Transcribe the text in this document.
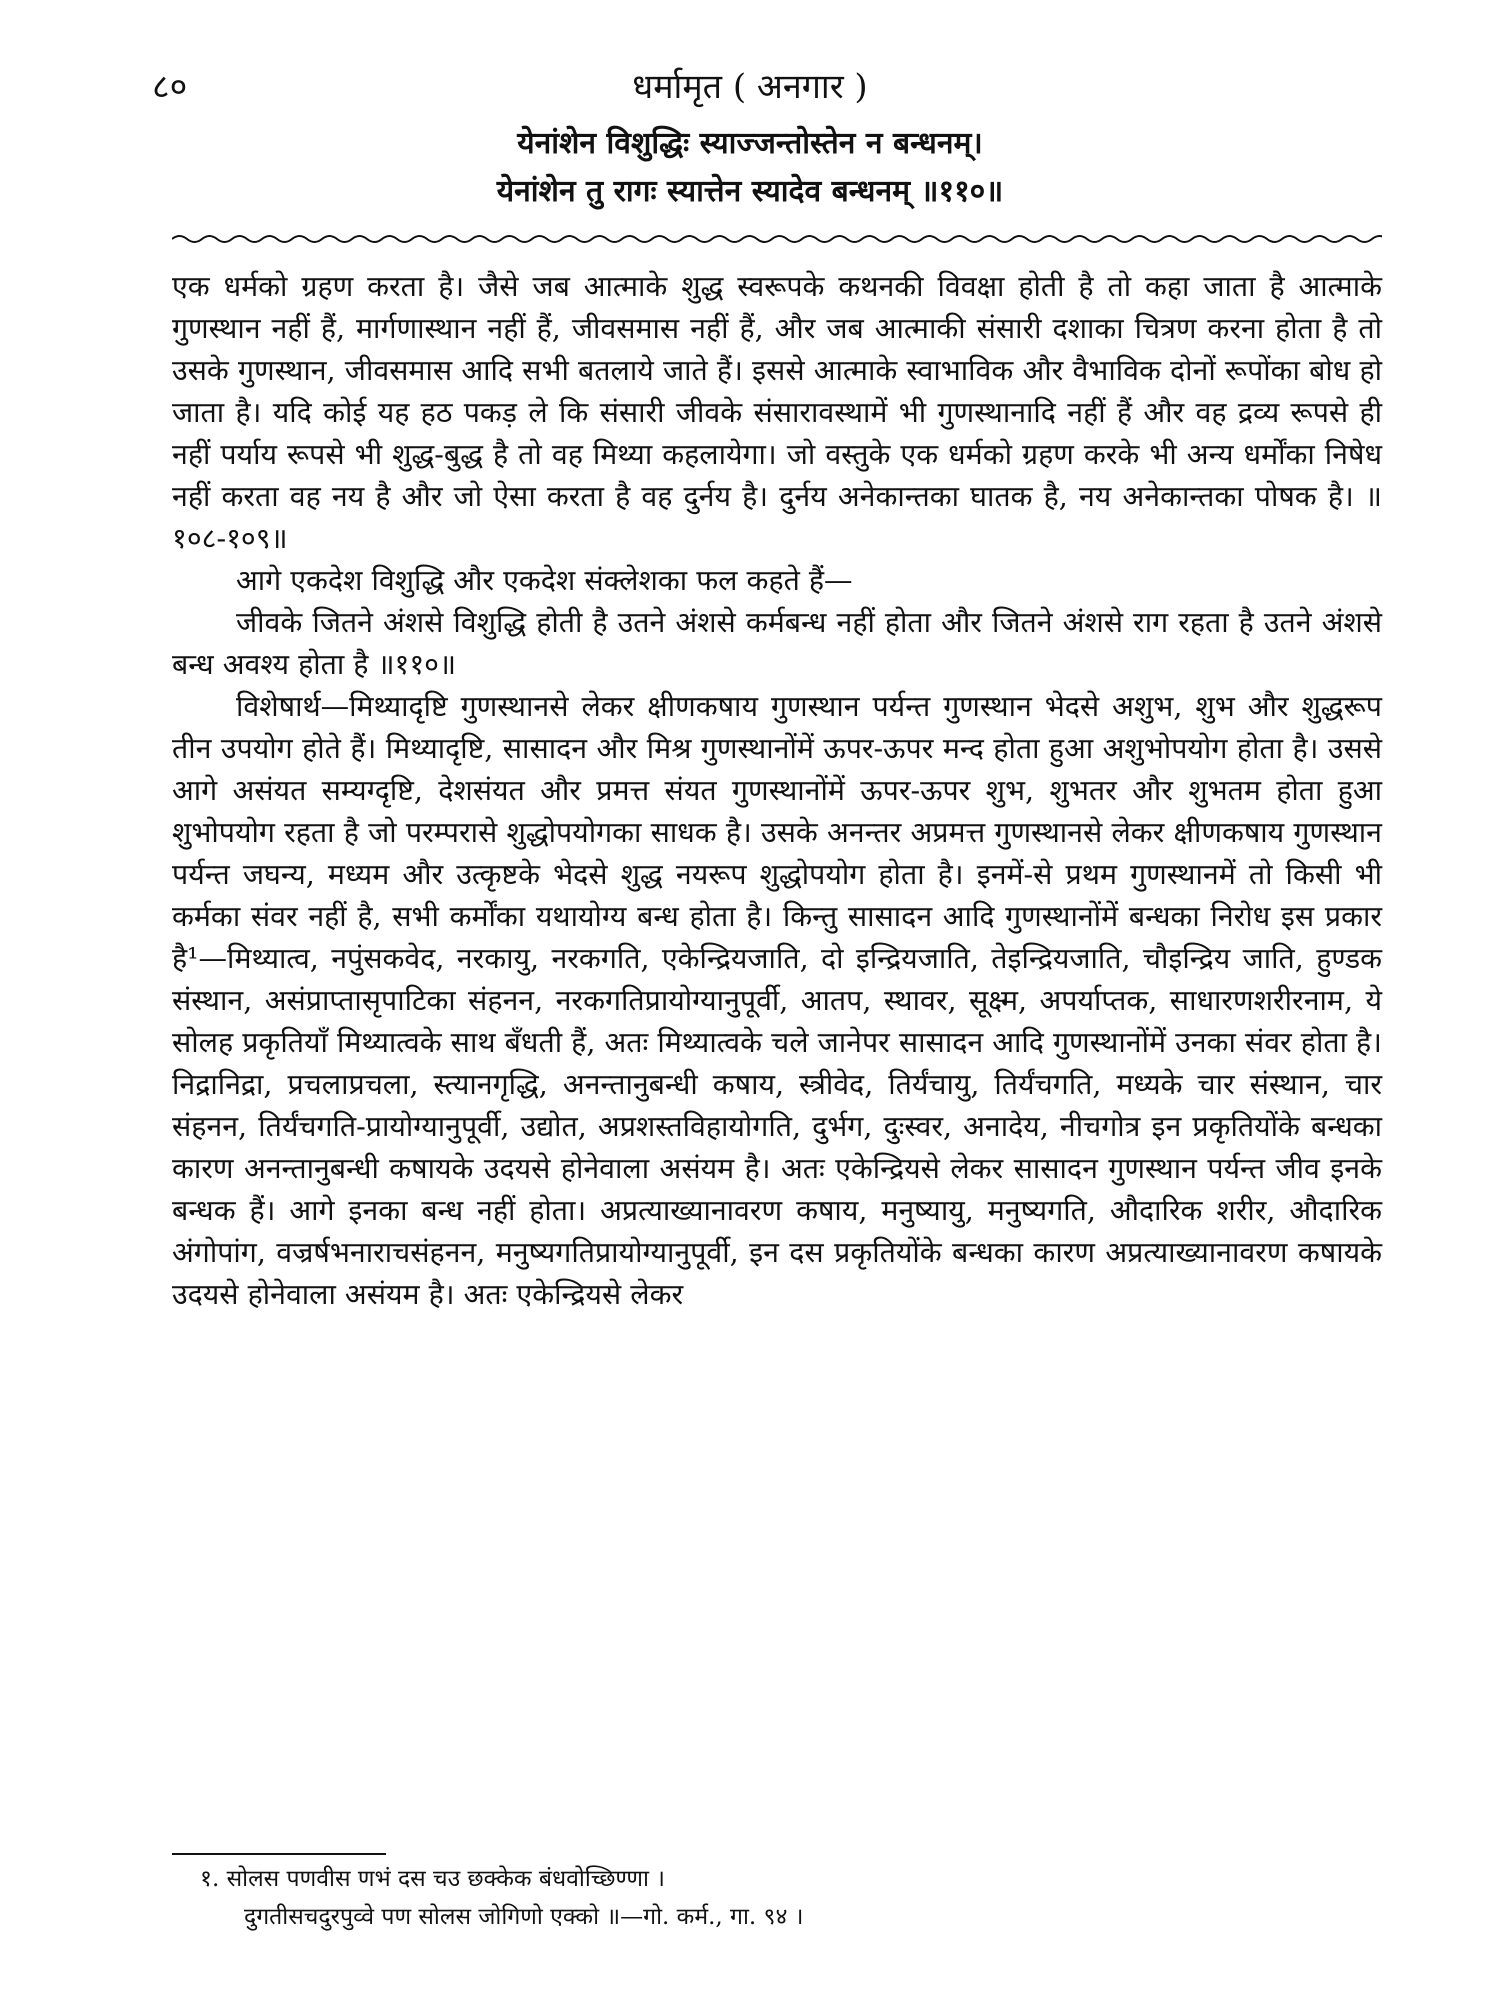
८०	धर्मामृत ( अनगार )
येनांशेन विशुद्धिः स्याज्जन्तोस्तेन न बन्धनम्।
येनांशेन तु रागः स्यात्तेन स्यादेव बन्धनम् ॥११०॥

एक धर्मको ग्रहण करता है। जैसे जब आत्माके शुद्ध स्वरूपके कथनकी विवक्षा होती है तो कहा जाता है आत्माके गुणस्थान नहीं हैं, मार्गणास्थान नहीं हैं, जीवसमास नहीं हैं, और जब आत्माकी संसारी दशाका चित्रण करना होता है तो उसके गुणस्थान, जीवसमास आदि सभी बतलाये जाते हैं। इससे आत्माके स्वाभाविक और वैभाविक दोनों रूपोंका बोध हो जाता है। यदि कोई यह हठ पकड़ ले कि संसारी जीवके संसारावस्थामें भी गुणस्थानादि नहीं हैं और वह द्रव्य रूपसे ही नहीं पर्याय रूपसे भी शुद्ध-बुद्ध है तो वह मिथ्या कहलायेगा। जो वस्तुके एक धर्मको ग्रहण करके भी अन्य धर्मोंका निषेध नहीं करता वह नय है और जो ऐसा करता है वह दुर्नय है। दुर्नय अनेकान्तका घातक है, नय अनेकान्तका पोषक है। ॥१०८-१०९॥

आगे एकदेश विशुद्धि और एकदेश संक्लेशका फल कहते हैं—

जीवके जितने अंशसे विशुद्धि होती है उतने अंशसे कर्मबन्ध नहीं होता और जितने अंशसे राग रहता है उतने अंशसे बन्ध अवश्य होता है ॥११०॥

विशेषार्थ—मिथ्यादृष्टि गुणस्थानसे लेकर क्षीणकषाय गुणस्थान पर्यन्त गुणस्थान भेदसे अशुभ, शुभ और शुद्धरूप तीन उपयोग होते हैं। मिथ्यादृष्टि, सासादन और मिश्र गुणस्थानोंमें ऊपर-ऊपर मन्द होता हुआ अशुभोपयोग होता है। उससे आगे असंयत सम्यग्दृष्टि, देशसंयत और प्रमत्त संयत गुणस्थानोंमें ऊपर-ऊपर शुभ, शुभतर और शुभतम होता हुआ शुभोपयोग रहता है जो परम्परासे शुद्धोपयोगका साधक है। उसके अनन्तर अप्रमत्त गुणस्थानसे लेकर क्षीणकषाय गुणस्थान पर्यन्त जघन्य, मध्यम और उत्कृष्टके भेदसे शुद्ध नयरूप शुद्धोपयोग होता है। इनमें-से प्रथम गुणस्थानमें तो किसी भी कर्मका संवर नहीं है, सभी कर्मोंका यथायोग्य बन्ध होता है। किन्तु सासादन आदि गुणस्थानोंमें बन्धका निरोध इस प्रकार है¹—मिथ्यात्व, नपुंसकवेद, नरकायु, नरकगति, एकेन्द्रियजाति, दो इन्द्रियजाति, तेइन्द्रियजाति, चौइन्द्रिय जाति, हुण्डक संस्थान, असंप्राप्तासृपाटिका संहनन, नरकगतिप्रायोग्यानुपूर्वी, आतप, स्थावर, सूक्ष्म, अपर्याप्तक, साधारणशरीरनाम, ये सोलह प्रकृतियाँ मिथ्यात्वके साथ बँधती हैं, अतः मिथ्यात्वके चले जानेपर सासादन आदि गुणस्थानोंमें उनका संवर होता है। निद्रानिद्रा, प्रचलाप्रचला, स्त्यानगृद्धि, अनन्तानुबन्धी कषाय, स्त्रीवेद, तिर्यंचायु, तिर्यंचगति, मध्यके चार संस्थान, चार संहनन, तिर्यंचगति-प्रायोग्यानुपूर्वी, उद्योत, अप्रशस्तविहायोगति, दुर्भग, दुःस्वर, अनादेय, नीचगोत्र इन प्रकृतियोंके बन्धका कारण अनन्तानुबन्धी कषायके उदयसे होनेवाला असंयम है। अतः एकेन्द्रियसे लेकर सासादन गुणस्थान पर्यन्त जीव इनके बन्धक हैं। आगे इनका बन्ध नहीं होता। अप्रत्याख्यानावरण कषाय, मनुष्यायु, मनुष्यगति, औदारिक शरीर, औदारिक अंगोपांग, वज्रर्षभनाराचसंहनन, मनुष्यगतिप्रायोग्यानुपूर्वी, इन दस प्रकृतियोंके बन्धका कारण अप्रत्याख्यानावरण कषायके उदयसे होनेवाला असंयम है। अतः एकेन्द्रियसे लेकर

१. सोलस पणवीस णभं दस चउ छक्केक बंधवोच्छिण्णा ।

दुगतीसचदुरपुव्वे पण सोलस जोगिणो एक्को ॥—गो. कर्म., गा. ९४ ।
